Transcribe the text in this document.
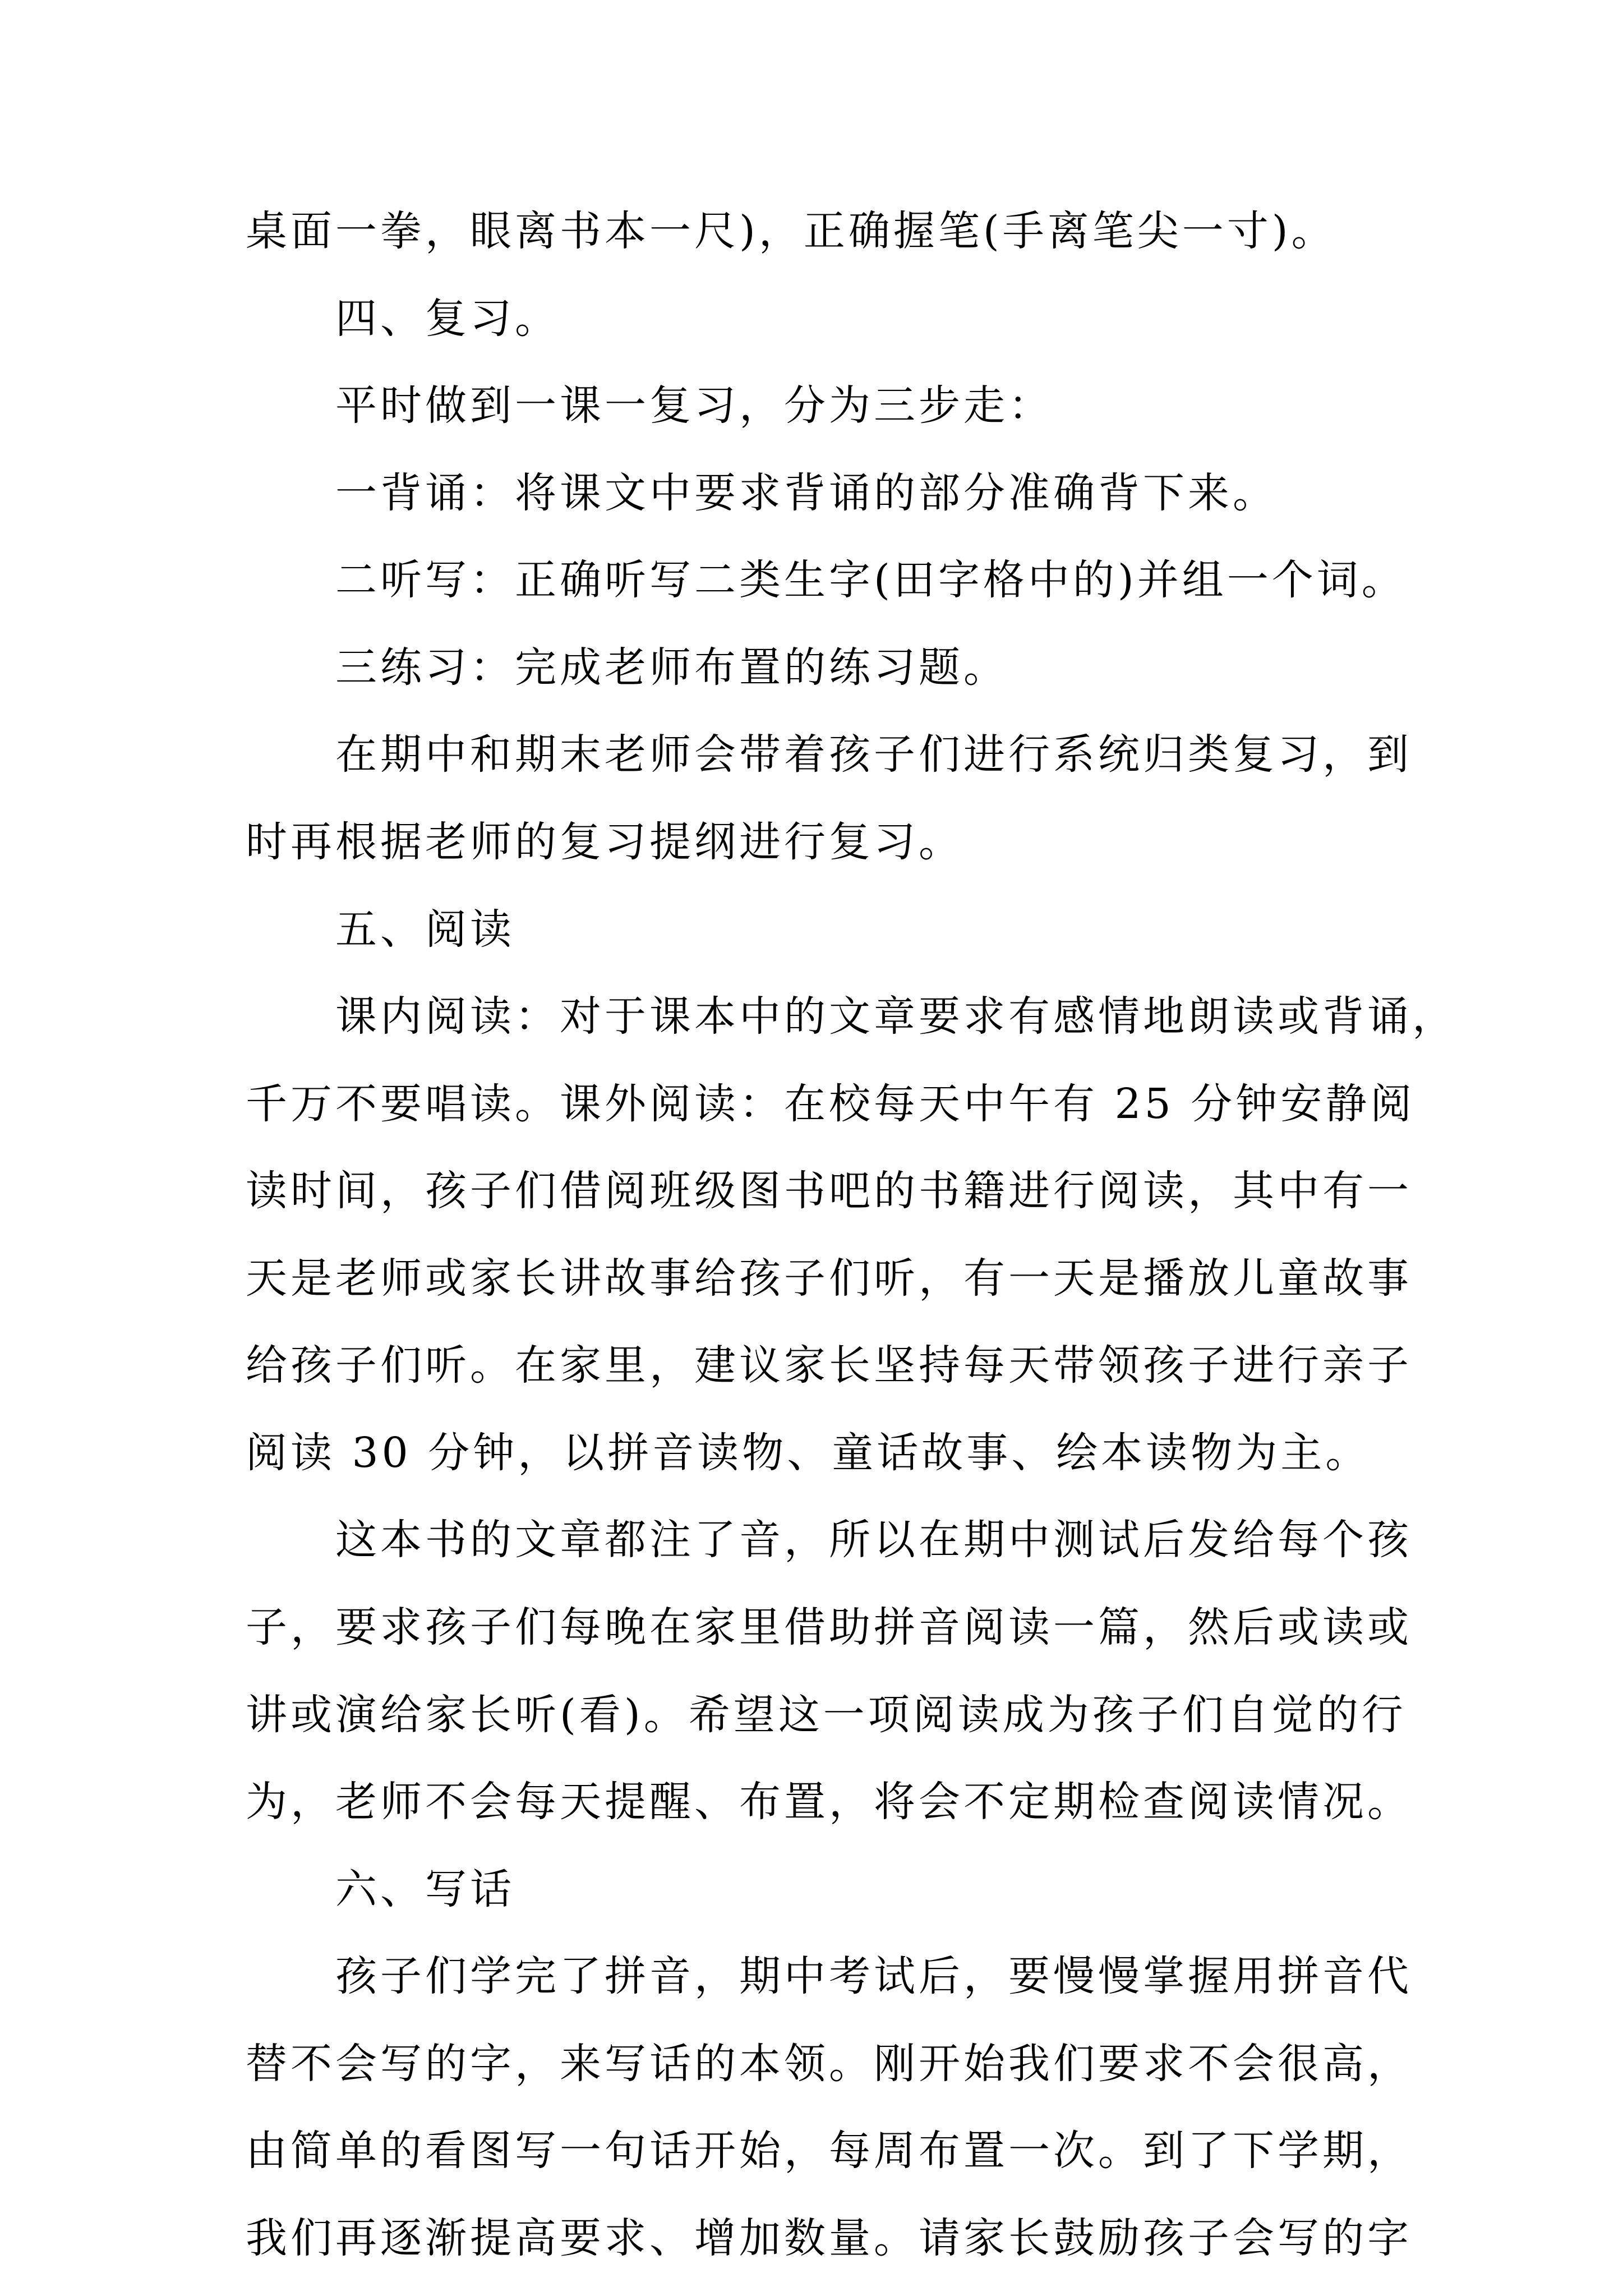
桌面一拳，眼离书本一尺)，正确握笔(手离笔尖一寸)。
四、复习。
平时做到一课一复习，分为三步走：
一背诵：将课文中要求背诵的部分准确背下来。
二听写：正确听写二类生字(田字格中的)并组一个词。
三练习：完成老师布置的练习题。
在期中和期末老师会带着孩子们进行系统归类复习，到
时再根据老师的复习提纲进行复习。
五、阅读
课内阅读：对于课本中的文章要求有感情地朗读或背诵，
千万不要唱读。课外阅读：在校每天中午有 25 分钟安静阅
读时间，孩子们借阅班级图书吧的书籍进行阅读，其中有一
天是老师或家长讲故事给孩子们听，有一天是播放儿童故事
给孩子们听。在家里，建议家长坚持每天带领孩子进行亲子
阅读 30 分钟，以拼音读物、童话故事、绘本读物为主。
这本书的文章都注了音，所以在期中测试后发给每个孩
子，要求孩子们每晚在家里借助拼音阅读一篇，然后或读或
讲或演给家长听(看)。希望这一项阅读成为孩子们自觉的行
为，老师不会每天提醒、布置，将会不定期检查阅读情况。
六、写话
孩子们学完了拼音，期中考试后，要慢慢掌握用拼音代
替不会写的字，来写话的本领。刚开始我们要求不会很高，
由简单的看图写一句话开始，每周布置一次。到了下学期，
我们再逐渐提高要求、增加数量。请家长鼓励孩子会写的字
